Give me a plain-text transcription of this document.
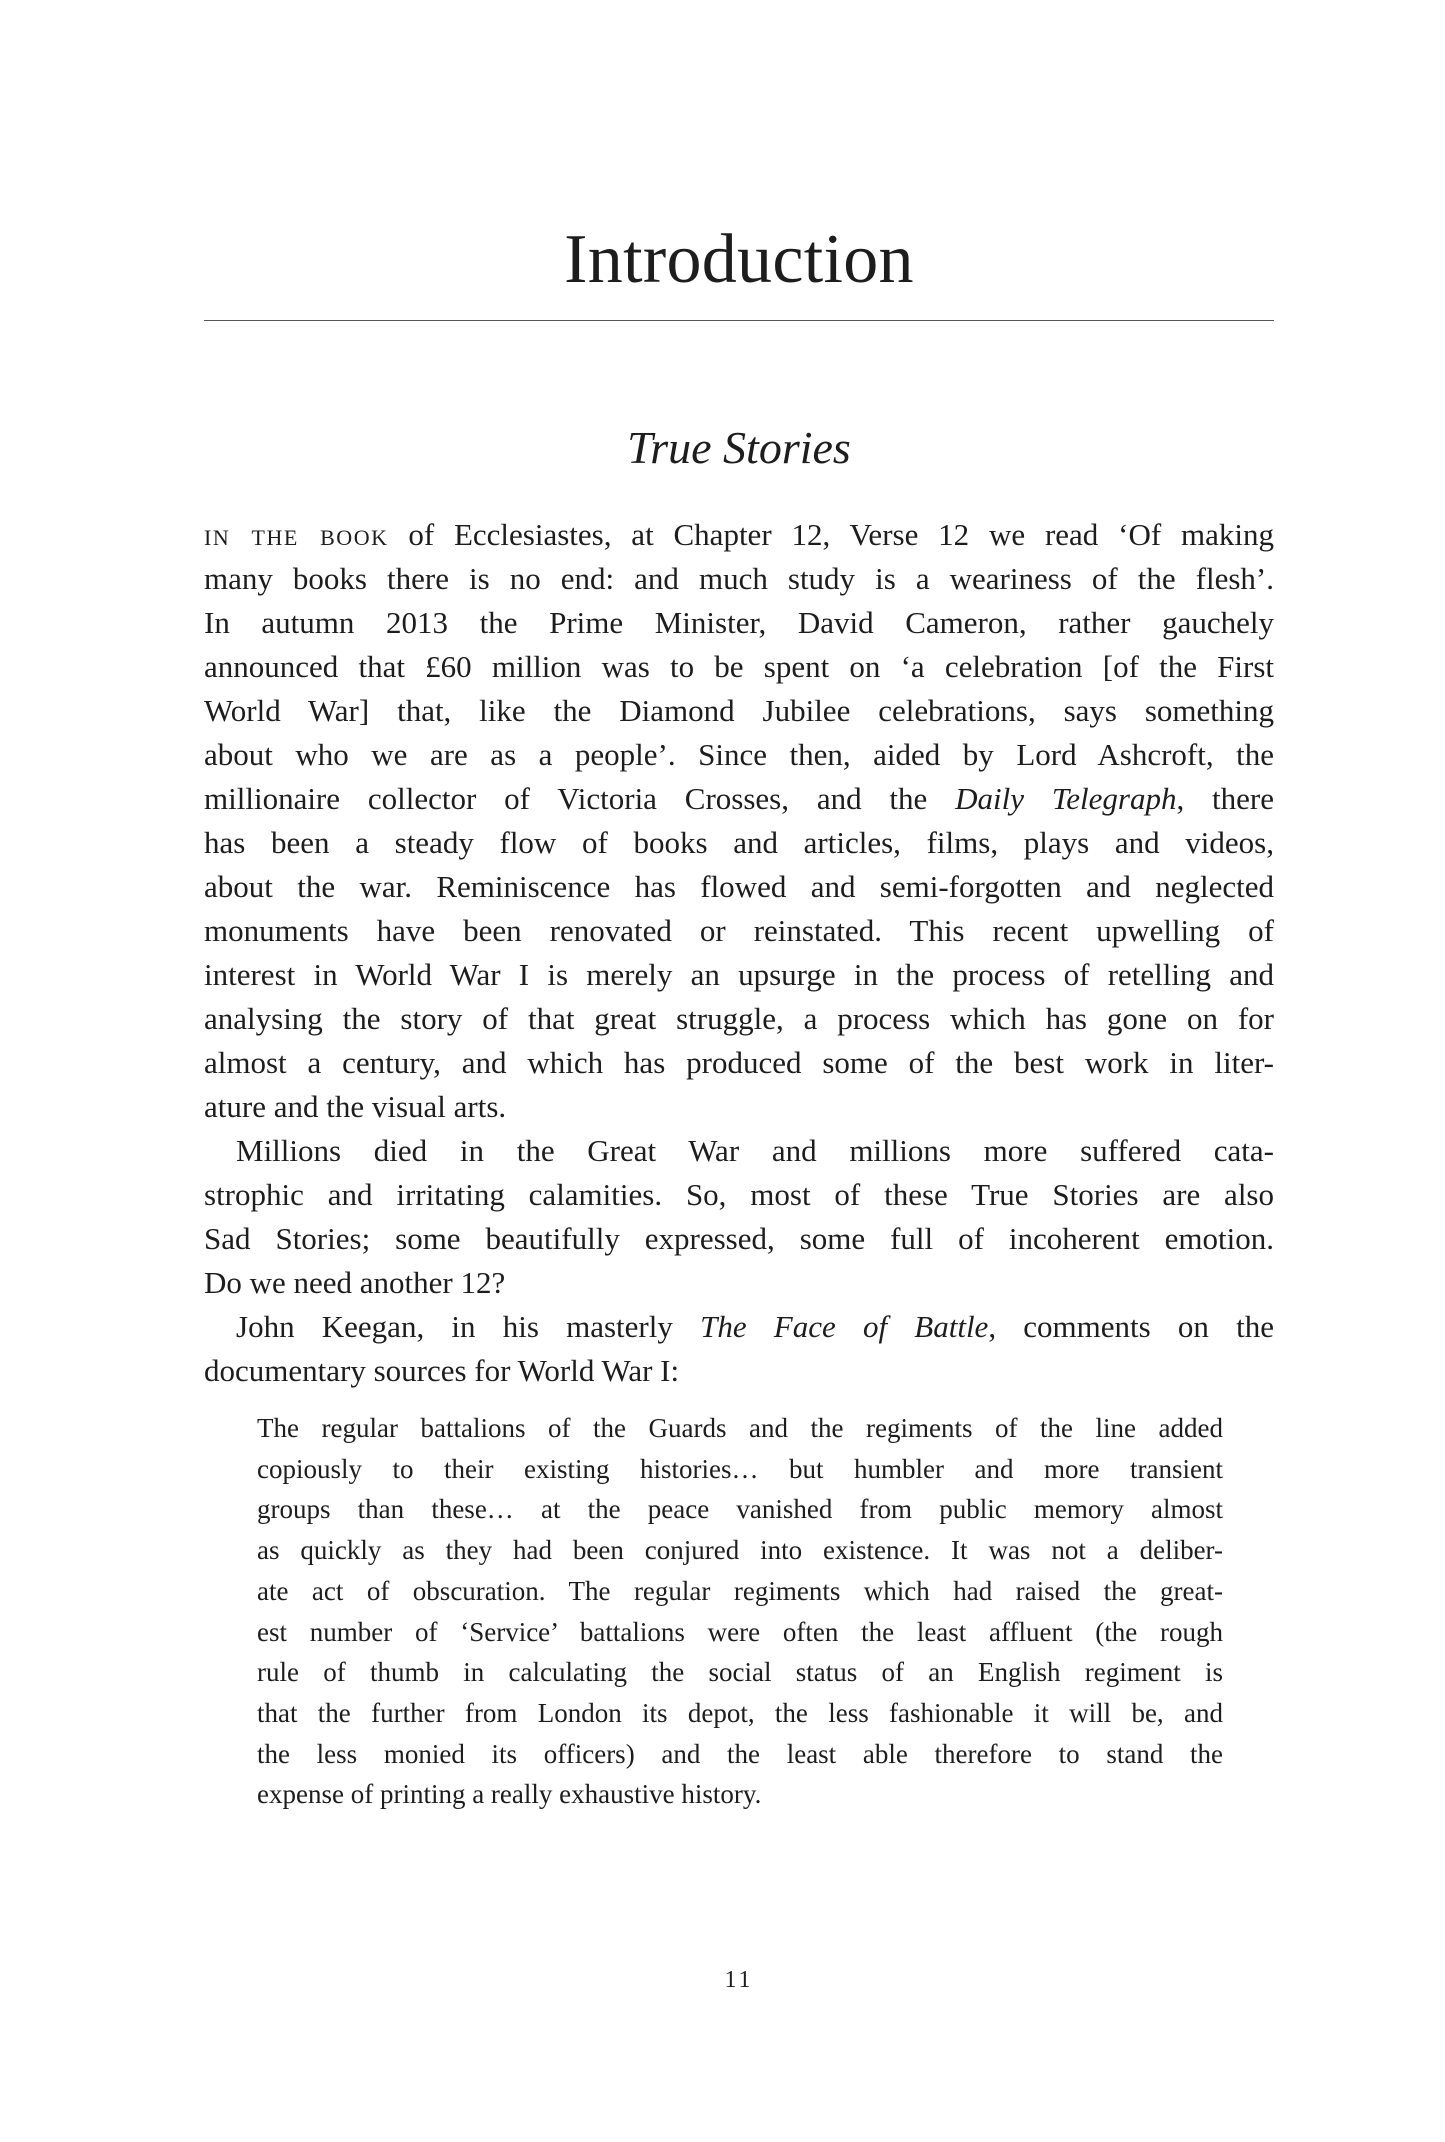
Introduction
True Stories

in the book of Ecclesiastes, at Chapter 12, Verse 12 we read ‘Of making
many books there is no end: and much study is a weariness of the flesh’.
In autumn 2013 the Prime Minister, David Cameron, rather gauchely
announced that £60 million was to be spent on ‘a celebration [of the First
World War] that, like the Diamond Jubilee celebrations, says something
about who we are as a people’. Since then, aided by Lord Ashcroft, the
millionaire collector of Victoria Crosses, and the Daily Telegraph, there
has been a steady flow of books and articles, films, plays and videos,
about the war. Reminiscence has flowed and semi-forgotten and neglected
monuments have been renovated or reinstated. This recent upwelling of
interest in World War I is merely an upsurge in the process of retelling and
analysing the story of that great struggle, a process which has gone on for
almost a century, and which has produced some of the best work in liter-
ature and the visual arts.

Millions died in the Great War and millions more suffered cata-
strophic and irritating calamities. So, most of these True Stories are also
Sad Stories; some beautifully expressed, some full of incoherent emotion.
Do we need another 12?

John Keegan, in his masterly The Face of Battle, comments on the
documentary sources for World War I:

The regular battalions of the Guards and the regiments of the line added
copiously to their existing histories… but humbler and more transient
groups than these… at the peace vanished from public memory almost
as quickly as they had been conjured into existence. It was not a deliber-
ate act of obscuration. The regular regiments which had raised the great-
est number of ‘Service’ battalions were often the least affluent (the rough
rule of thumb in calculating the social status of an English regiment is
that the further from London its depot, the less fashionable it will be, and
the less monied its officers) and the least able therefore to stand the
expense of printing a really exhaustive history.
11
